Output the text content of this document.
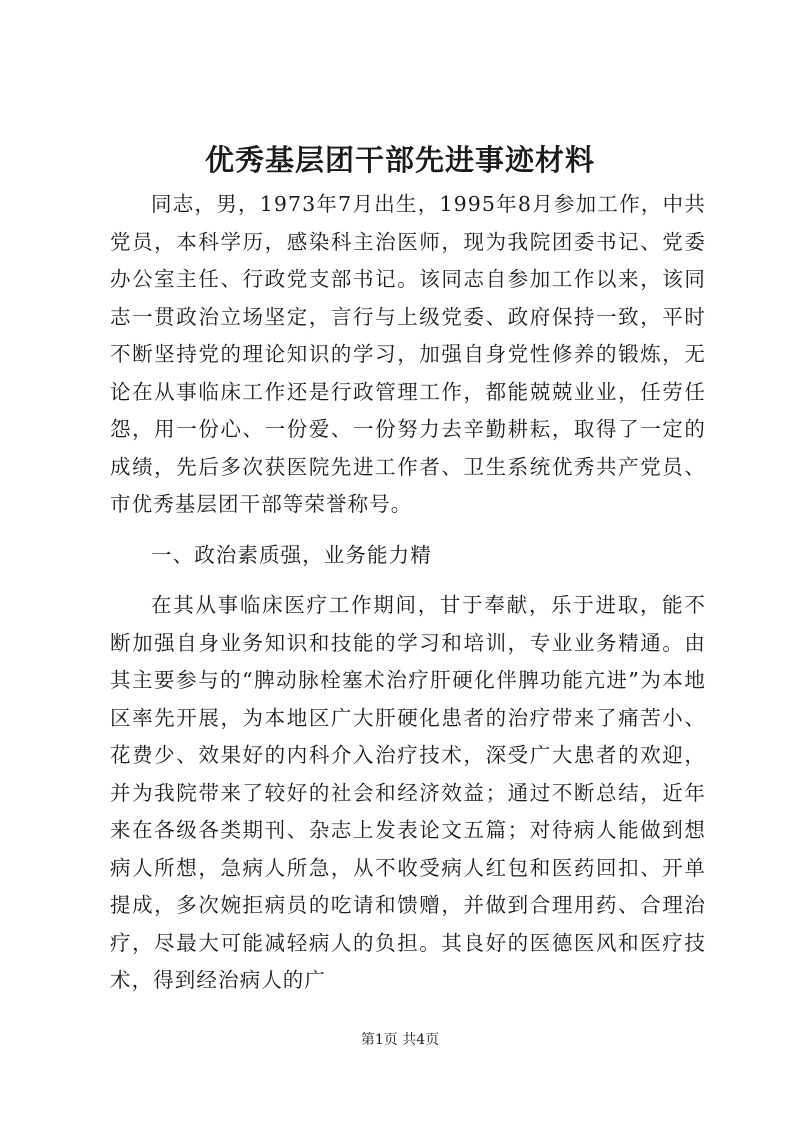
优秀基层团干部先进事迹材料

同志，男，1973年7月出生，1995年8月参加工作，中共党员，本科学历，感染科主治医师，现为我院团委书记、党委办公室主任、行政党支部书记。该同志自参加工作以来，该同志一贯政治立场坚定，言行与上级党委、政府保持一致，平时不断坚持党的理论知识的学习，加强自身党性修养的锻炼，无论在从事临床工作还是行政管理工作，都能兢兢业业，任劳任怨，用一份心、一份爱、一份努力去辛勤耕耘，取得了一定的成绩，先后多次获医院先进工作者、卫生系统优秀共产党员、市优秀基层团干部等荣誉称号。

一、政治素质强，业务能力精

在其从事临床医疗工作期间，甘于奉献，乐于进取，能不断加强自身业务知识和技能的学习和培训，专业业务精通。由其主要参与的“脾动脉栓塞术治疗肝硬化伴脾功能亢进”为本地区率先开展，为本地区广大肝硬化患者的治疗带来了痛苦小、花费少、效果好的内科介入治疗技术，深受广大患者的欢迎，并为我院带来了较好的社会和经济效益；通过不断总结，近年来在各级各类期刊、杂志上发表论文五篇；对待病人能做到想病人所想，急病人所急，从不收受病人红包和医药回扣、开单提成，多次婉拒病员的吃请和馈赠，并做到合理用药、合理治疗，尽最大可能减轻病人的负担。其良好的医德医风和医疗技术，得到经治病人的广

第1页 共4页
